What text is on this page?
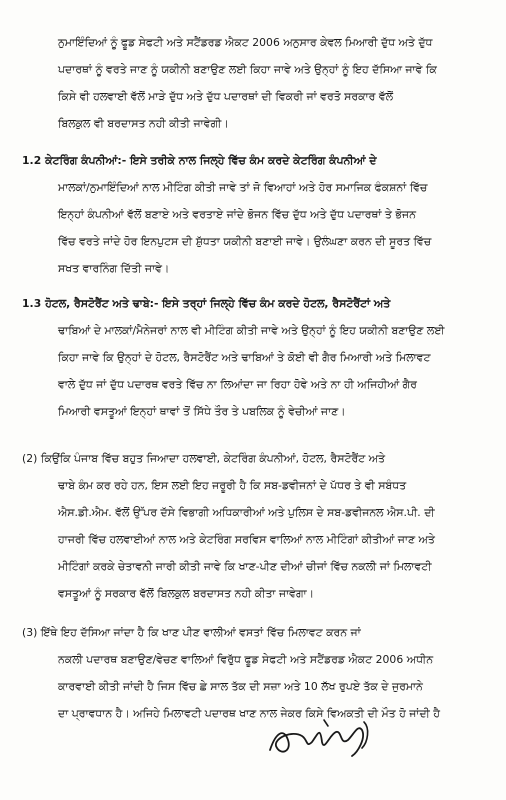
ਨੁਮਾਇੰਦਿਆਂ ਨੂੰ ਫੂਡ ਸੇਫਟੀ ਅਤੇ ਸਟੈਂਡਰਡ ਐਕਟ 2006 ਅਨੁਸਾਰ ਕੇਵਲ ਮਿਆਰੀ ਦੁੱਧ ਅਤੇ ਦੁੱਧ
ਪਦਾਰਥਾਂ ਨੂੰ ਵਰਤੇ ਜਾਣ ਨੂੰ ਯਕੀਨੀ ਬਣਾਉਣ ਲਈ ਕਿਹਾ ਜਾਵੇ ਅਤੇ ਉਨ੍ਹਾਂ ਨੂੰ ਇਹ ਦੱਸਿਆ ਜਾਵੇ ਕਿ
ਕਿਸੇ ਵੀ ਹਲਵਾਈ ਵੱਲੋਂ ਮਾੜੇ ਦੁੱਧ ਅਤੇ ਦੁੱਧ ਪਦਾਰਥਾਂ ਦੀ ਵਿਕਰੀ ਜਾਂ ਵਰਤੋ ਸਰਕਾਰ ਵੱਲੋਂ
ਬਿਲਕੁਲ ਵੀ ਬਰਦਾਸਤ ਨਹੀ ਕੀਤੀ ਜਾਵੇਗੀ।
1.2 ਕੇਟਰਿੰਗ ਕੰਪਨੀਆਂ:- ਇਸੇ ਤਰੀਕੇ ਨਾਲ ਜਿਲ੍ਹੇ ਵਿੱਚ ਕੰਮ ਕਰਦੇ ਕੇਟਰਿੰਗ ਕੰਪਨੀਆਂ ਦੇ
ਮਾਲਕਾਂ/ਨੁਮਾਇੰਦਿਆਂ ਨਾਲ ਮੀਟਿੰਗ ਕੀਤੀ ਜਾਵੇ ਤਾਂ ਜੋ ਵਿਆਹਾਂ ਅਤੇ ਹੋਰ ਸਮਾਜਿਕ ਫੰਕਸ਼ਨਾਂ ਵਿੱਚ
ਇਨ੍ਹਾਂ ਕੰਪਨੀਆਂ ਵੱਲੋਂ ਬਣਾਏ ਅਤੇ ਵਰਤਾਏ ਜਾਂਦੇ ਭੋਜਨ ਵਿੱਚ ਦੁੱਧ ਅਤੇ ਦੁੱਧ ਪਦਾਰਥਾਂ ਤੇ ਭੋਜਨ
ਵਿੱਚ ਵਰਤੇ ਜਾਂਦੇ ਹੋਰ ਇਨਪੁਟਸ ਦੀ ਸ਼ੁੱਧਤਾ ਯਕੀਨੀ ਬਣਾਈ ਜਾਵੇ। ਉਲੰਘਣਾ ਕਰਨ ਦੀ ਸੂਰਤ ਵਿੱਚ
ਸਖਤ ਵਾਰਨਿੰਗ ਦਿੱਤੀ ਜਾਵੇ।
1.3 ਹੋਟਲ, ਰੈਸਟੋਰੈਂਟ ਅਤੇ ਢਾਬੇ:- ਇਸੇ ਤਰ੍ਹਾਂ ਜਿਲ੍ਹੇ ਵਿੱਚ ਕੰਮ ਕਰਦੇ ਹੋਟਲ, ਰੈਸਟੋਰੈਂਟਾਂ ਅਤੇ
ਢਾਬਿਆਂ ਦੇ ਮਾਲਕਾਂ/ਮੈਨੇਜਰਾਂ ਨਾਲ ਵੀ ਮੀਟਿੰਗ ਕੀਤੀ ਜਾਵੇ ਅਤੇ ਉਨ੍ਹਾਂ ਨੂੰ ਇਹ ਯਕੀਨੀ ਬਣਾਉਣ ਲਈ
ਕਿਹਾ ਜਾਵੇ ਕਿ ਉਨ੍ਹਾਂ ਦੇ ਹੋਟਲ, ਰੈਸਟੋਰੈਂਟ ਅਤੇ ਢਾਬਿਆਂ ਤੇ ਕੋਈ ਵੀ ਗੈਰ ਮਿਆਰੀ ਅਤੇ ਮਿਲਾਵਟ
ਵਾਲੇ ਦੁੱਧ ਜਾਂ ਦੁੱਧ ਪਦਾਰਥ ਵਰਤੇ ਵਿੱਚ ਨਾ ਲਿਆਂਦਾ ਜਾ ਰਿਹਾ ਹੋਵੇ ਅਤੇ ਨਾ ਹੀ ਅਜਿਹੀਆਂ ਗੈਰ
ਮਿਆਰੀ ਵਸਤੂਆਂ ਇਨ੍ਹਾਂ ਥਾਵਾਂ ਤੋਂ ਸਿੱਧੇ ਤੌਰ ਤੇ ਪਬਲਿਕ ਨੂੰ ਵੇਚੀਆਂ ਜਾਣ।
(2) ਕਿਉਂਕਿ ਪੰਜਾਬ ਵਿੱਚ ਬਹੁਤ ਜਿਆਦਾ ਹਲਵਾਈ, ਕੇਟਰਿੰਗ ਕੰਪਨੀਆਂ, ਹੋਟਲ, ਰੈਸਟੋਰੈਂਟ ਅਤੇ
ਢਾਬੇ ਕੰਮ ਕਰ ਰਹੇ ਹਨ, ਇਸ ਲਈ ਇਹ ਜਰੂਰੀ ਹੈ ਕਿ ਸਬ-ਡਵੀਜਨਾਂ ਦੇ ਪੱਧਰ ਤੇ ਵੀ ਸਬੰਧਤ
ਐਸ.ਡੀ.ਐਮ. ਵੱਲੋਂ ਉੱਪਰ ਦੱਸੇ ਵਿਭਾਗੀ ਅਧਿਕਾਰੀਆਂ ਅਤੇ ਪੁਲਿਸ ਦੇ ਸਬ-ਡਵੀਜਨਲ ਐਸ.ਪੀ. ਦੀ
ਹਾਜਰੀ ਵਿੱਚ ਹਲਵਾਈਆਂ ਨਾਲ ਅਤੇ ਕੇਟਰਿੰਗ ਸਰਵਿਸ ਵਾਲਿਆਂ ਨਾਲ ਮੀਟਿੰਗਾਂ ਕੀਤੀਆਂ ਜਾਣ ਅਤੇ
ਮੀਟਿੰਗਾਂ ਕਰਕੇ ਚੇਤਾਵਨੀ ਜਾਰੀ ਕੀਤੀ ਜਾਵੇ ਕਿ ਖਾਣ-ਪੀਣ ਦੀਆਂ ਚੀਜਾਂ ਵਿੱਚ ਨਕਲੀ ਜਾਂ ਮਿਲਾਵਟੀ
ਵਸਤੂਆਂ ਨੂੰ ਸਰਕਾਰ ਵੱਲੋਂ ਬਿਲਕੁਲ ਬਰਦਾਸਤ ਨਹੀ ਕੀਤਾ ਜਾਵੇਗਾ।
(3) ਇੱਥੇ ਇਹ ਦੱਸਿਆ ਜਾਂਦਾ ਹੈ ਕਿ ਖਾਣ ਪੀਣ ਵਾਲੀਆਂ ਵਸਤਾਂ ਵਿੱਚ ਮਿਲਾਵਟ ਕਰਨ ਜਾਂ
ਨਕਲੀ ਪਦਾਰਥ ਬਣਾਉਣ/ਵੇਚਣ ਵਾਲਿਆਂ ਵਿਰੁੱਧ ਫੂਡ ਸੇਫਟੀ ਅਤੇ ਸਟੈਂਡਰਡ ਐਕਟ 2006 ਅਧੀਨ
ਕਾਰਵਾਈ ਕੀਤੀ ਜਾਂਦੀ ਹੈ ਜਿਸ ਵਿੱਚ ਛੇ ਸਾਲ ਤੱਕ ਦੀ ਸਜ਼ਾ ਅਤੇ 10 ਲੱਖ ਰੁਪਏ ਤੱਕ ਦੇ ਜੁਰਮਾਨੇ
ਦਾ ਪ੍ਰਾਵਧਾਨ ਹੈ। ਅਜਿਹੇ ਮਿਲਾਵਟੀ ਪਦਾਰਥ ਖਾਣ ਨਾਲ ਜੇਕਰ ਕਿਸੇ ਵਿਅਕਤੀ ਦੀ ਮੌਤ ਹੋ ਜਾਂਦੀ ਹੈ
